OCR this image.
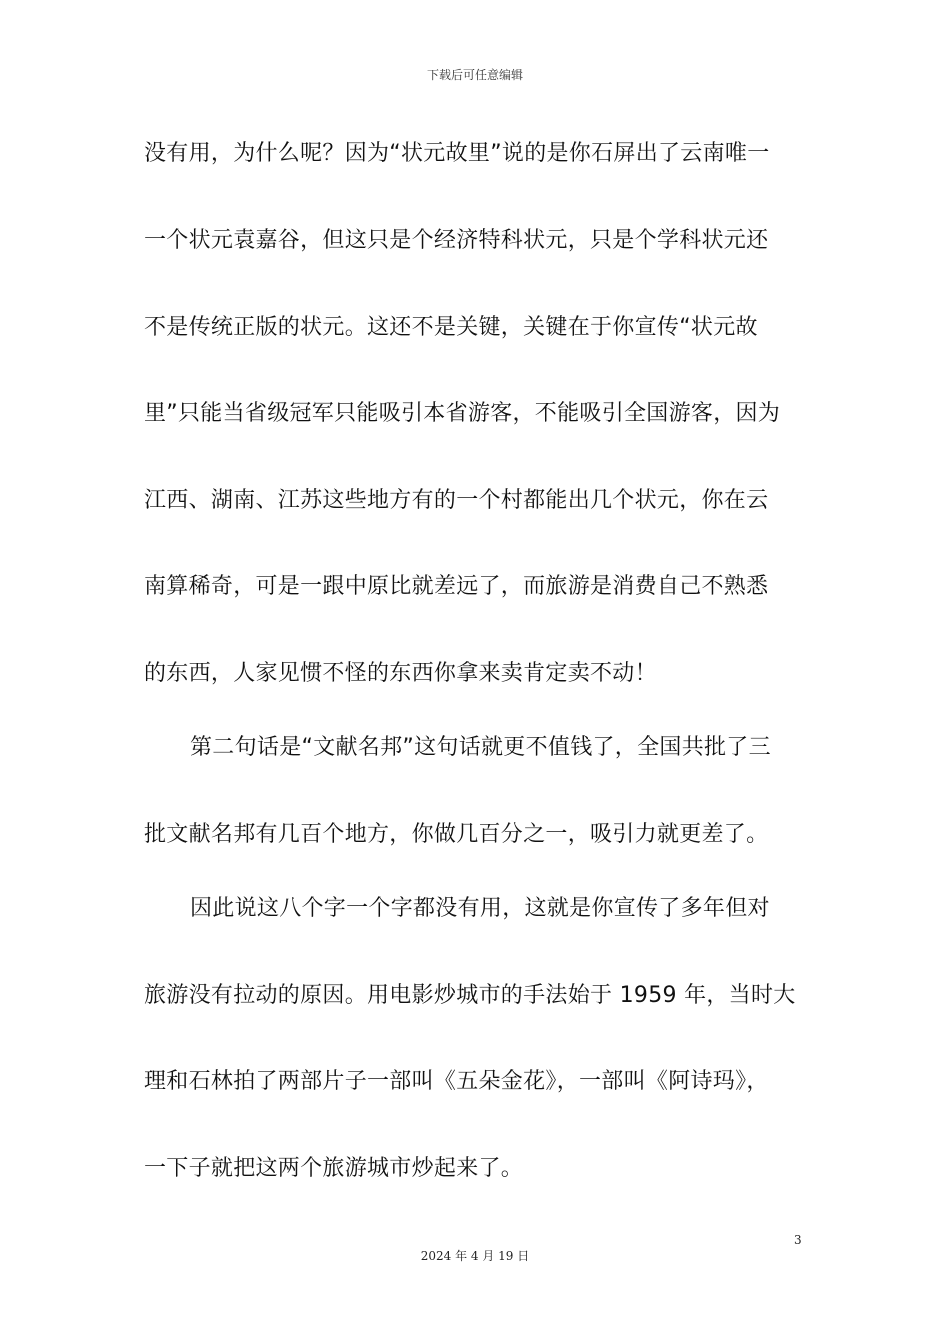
下载后可任意编辑
没有用，为什么呢？因为“状元故里”说的是你石屏出了云南唯一
一个状元袁嘉谷，但这只是个经济特科状元，只是个学科状元还
不是传统正版的状元。这还不是关键，关键在于你宣传“状元故
里”只能当省级冠军只能吸引本省游客，不能吸引全国游客，因为
江西、湖南、江苏这些地方有的一个村都能出几个状元，你在云
南算稀奇，可是一跟中原比就差远了，而旅游是消费自己不熟悉
的东西，人家见惯不怪的东西你拿来卖肯定卖不动！
第二句话是“文献名邦”这句话就更不值钱了，全国共批了三
批文献名邦有几百个地方，你做几百分之一，吸引力就更差了。
因此说这八个字一个字都没有用，这就是你宣传了多年但对
旅游没有拉动的原因。用电影炒城市的手法始于 1959 年，当时大
理和石林拍了两部片子一部叫《五朵金花》，一部叫《阿诗玛》，
一下子就把这两个旅游城市炒起来了。
3
2024 年 4 月 19 日
